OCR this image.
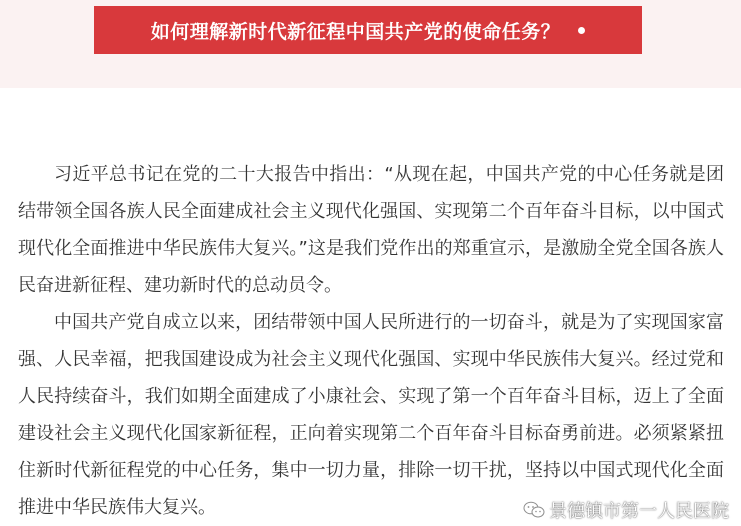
如何理解新时代新征程中国共产党的使命任务？

习近平总书记在党的二十大报告中指出：“从现在起，中国共产党的中心任务就是团结带领全国各族人民全面建成社会主义现代化强国、实现第二个百年奋斗目标，以中国式现代化全面推进中华民族伟大复兴。”这是我们党作出的郑重宣示，是激励全党全国各族人民奋进新征程、建功新时代的总动员令。

中国共产党自成立以来，团结带领中国人民所进行的一切奋斗，就是为了实现国家富强、人民幸福，把我国建设成为社会主义现代化强国、实现中华民族伟大复兴。经过党和人民持续奋斗，我们如期全面建成了小康社会、实现了第一个百年奋斗目标，迈上了全面建设社会主义现代化国家新征程，正向着实现第二个百年奋斗目标奋勇前进。必须紧紧扭住新时代新征程党的中心任务，集中一切力量，排除一切干扰，坚持以中国式现代化全面推进中华民族伟大复兴。	景德镇市第一人民医院
